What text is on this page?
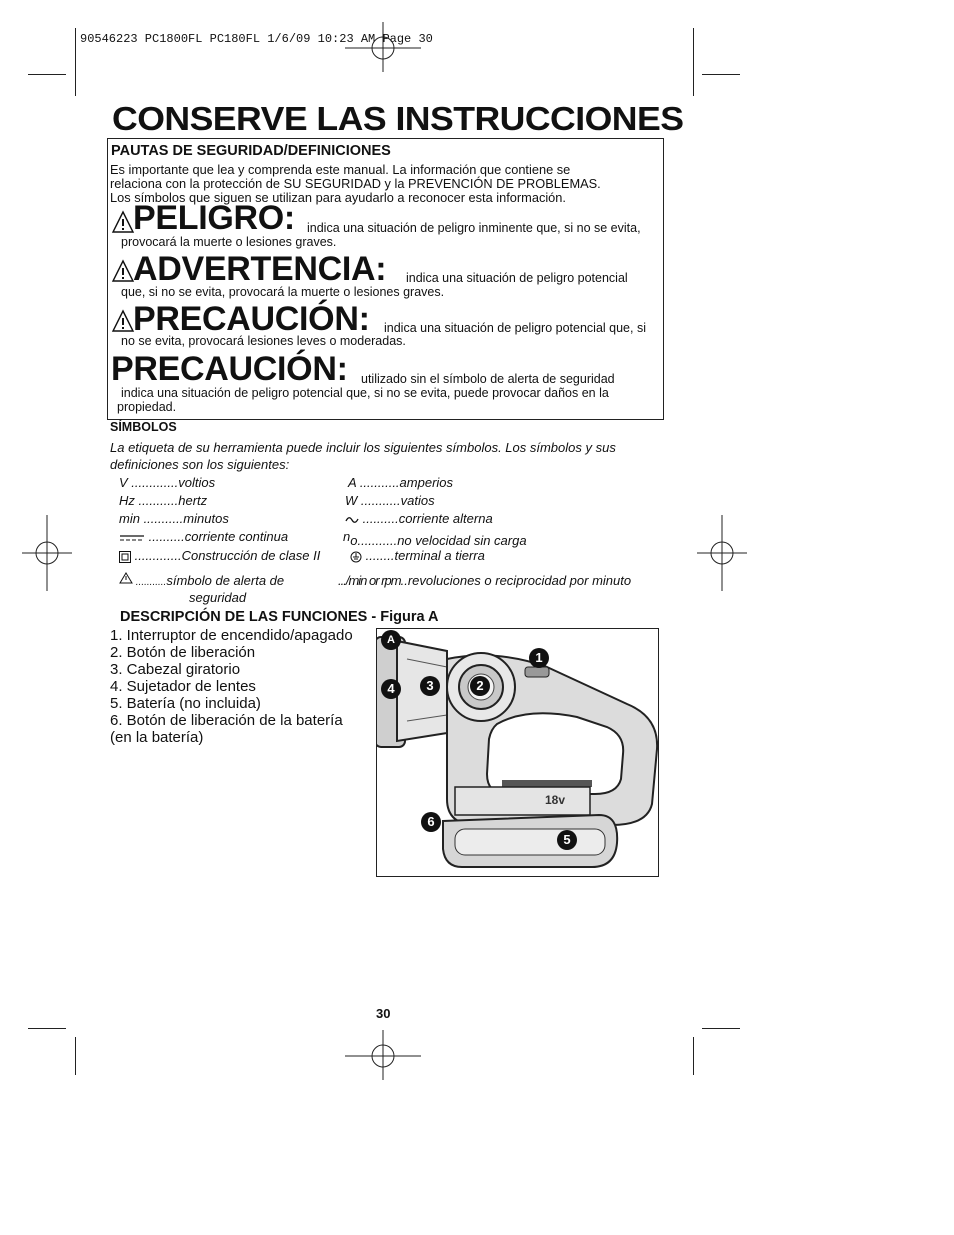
90546223 PC1800FL PC180FL 1/6/09 10:23 AM Page 30
CONSERVE LAS INSTRUCCIONES
PAUTAS DE SEGURIDAD/DEFINICIONES
Es importante que lea y comprenda este manual. La información que contiene se
relaciona con la protección de SU SEGURIDAD y la PREVENCIÓN DE PROBLEMAS.
Los símbolos que siguen se utilizan para ayudarlo a reconocer esta información.
PELIGRO: indica una situación de peligro inminente que, si no se evita,
provocará la muerte o lesiones graves.
ADVERTENCIA: indica una situación de peligro potencial
que, si no se evita, provocará la muerte o lesiones graves.
PRECAUCIÓN: indica una situación de peligro potencial que, si
no se evita, provocará lesiones leves o moderadas.
PRECAUCIÓN: utilizado sin el símbolo de alerta de seguridad
indica una situación de peligro potencial que, si no se evita, puede provocar daños en la
propiedad.
SÍMBOLOS
La etiqueta de su herramienta puede incluir los siguientes símbolos. Los símbolos y sus
definiciones son los siguientes:
V .............voltios
Hz ...........hertz
min ...........minutos
..........corriente continua
.............Construcción de clase II
...........símbolo de alerta de
seguridad
A ...........amperios
W ...........vatios
..........corriente alterna
no...........no velocidad sin carga
........terminal a tierra
.../min or rpm..revoluciones o reciprocidad por minuto
DESCRIPCIÓN DE LAS FUNCIONES - Figura A
1. Interruptor de encendido/apagado
2. Botón de liberación
3. Cabezal giratorio
4. Sujetador de lentes
5. Batería (no incluida)
6. Botón de liberación de la batería
(en la batería)
18v
A
1
2
3
4
5
6
30
